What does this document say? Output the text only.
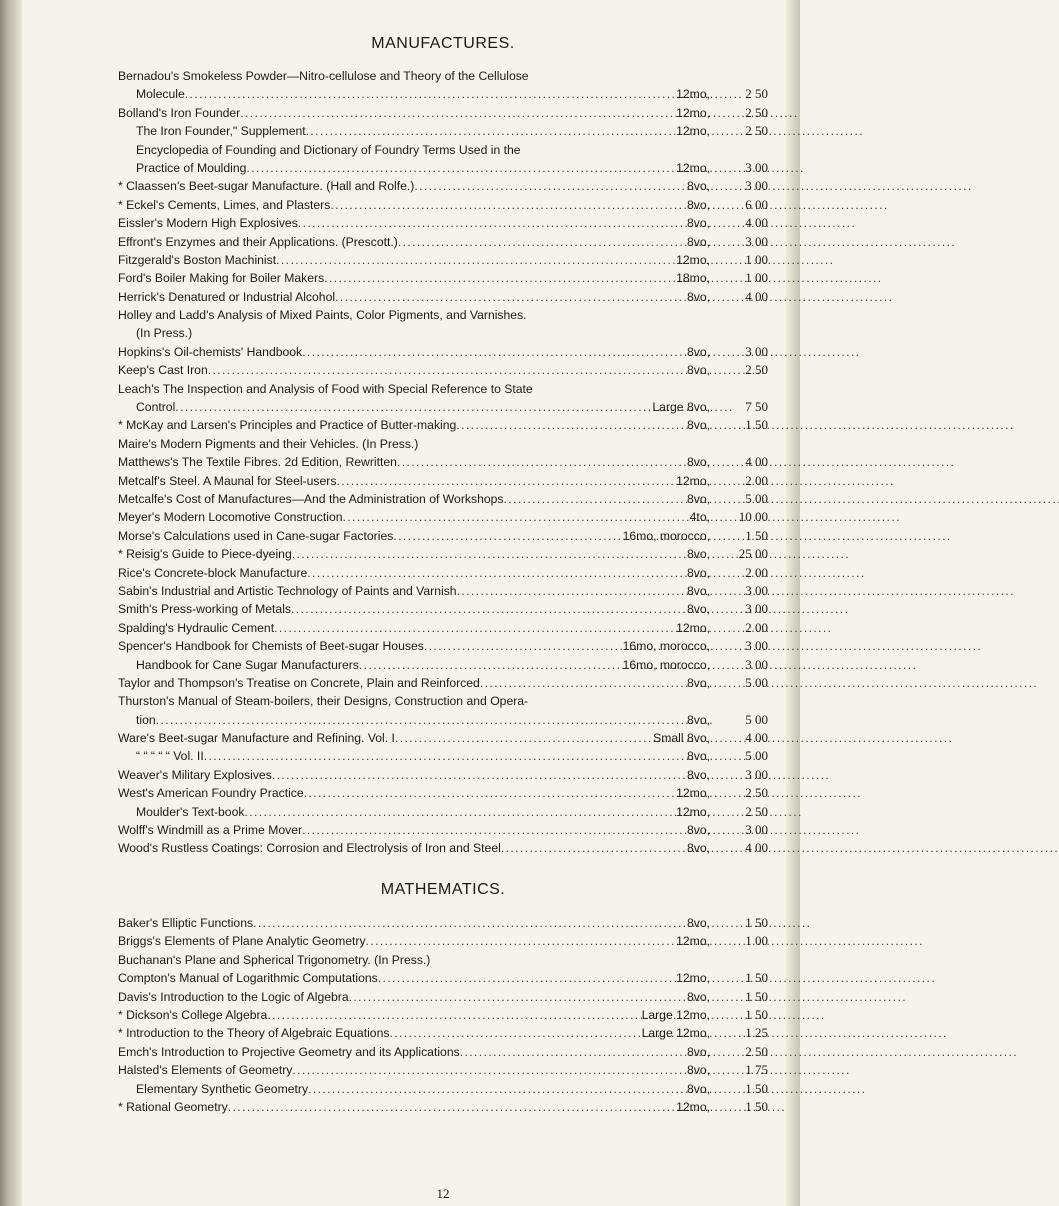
MANUFACTURES.
Bernadou's Smokeless Powder—Nitro-cellulose and Theory of the Cellulose
Molecule . . .	12mo,	2 50
Bolland's Iron Founder . . .	12mo,	2 50
The Iron Founder," Supplement . . .	12mo,	2 50
Encyclopedia of Founding and Dictionary of Foundry Terms Used in the
Practice of Moulding . . .	12mo,	3 00
* Claassen's Beet-sugar Manufacture. (Hall and Rolfe.) . . .	8vo,	3 00
* Eckel's Cements, Limes, and Plasters . . .	8vo,	6 00
Eissler's Modern High Explosives . . .	8vo,	4 00
Effront's Enzymes and their Applications. (Prescott.) . . .	8vo,	3 00
Fitzgerald's Boston Machinist . . .	12mo,	1 00
Ford's Boiler Making for Boiler Makers . . .	18mo,	1 00
Herrick's Denatured or Industrial Alcohol . . .	8vo,	4 00
Holley and Ladd's Analysis of Mixed Paints, Color Pigments, and Varnishes.
(In Press.)
Hopkins's Oil-chemists' Handbook . . .	8vo,	3 00
Keep's Cast Iron . . .	8vo,	2 50
Leach's The Inspection and Analysis of Food with Special Reference to State
Control . . .	Large 8vo,	7 50
* McKay and Larsen's Principles and Practice of Butter-making . . .	8vo,	1 50
Maire's Modern Pigments and their Vehicles. (In Press.)
Matthews's The Textile Fibres. 2d Edition, Rewritten . . .	8vo,	4 00
Metcalf's Steel. A Maunal for Steel-users . . .	12mo,	2 00
Metcalfe's Cost of Manufactures—And the Administration of Workshops . . .	8vo,	5 00
Meyer's Modern Locomotive Construction . . .	4to,	10 00
Morse's Calculations used in Cane-sugar Factories . . .	16mo, morocco,	1 50
* Reisig's Guide to Piece-dyeing . . .	8vo,	25 00
Rice's Concrete-block Manufacture . . .	8vo,	2 00
Sabin's Industrial and Artistic Technology of Paints and Varnish . . .	8vo,	3 00
Smith's Press-working of Metals . . .	8vo,	3 00
Spalding's Hydraulic Cement . . .	12mo,	2 00
Spencer's Handbook for Chemists of Beet-sugar Houses . . .	16mo, morocco,	3 00
Handbook for Cane Sugar Manufacturers . . .	16mo, morocco,	3 00
Taylor and Thompson's Treatise on Concrete, Plain and Reinforced . . .	8vo,	5 00
Thurston's Manual of Steam-boilers, their Designs, Construction and Opera-
tion . . .	8vo,	5 00
Ware's Beet-sugar Manufacture and Refining. Vol. I . . .	Small 8vo,	4 00
“ “ “ “ “ Vol. II . . .	8vo,	5 00
Weaver's Military Explosives . . .	8vo,	3 00
West's American Foundry Practice . . .	12mo,	2 50
Moulder's Text-book . . .	12mo,	2 50
Wolff's Windmill as a Prime Mover . . .	8vo,	3 00
Wood's Rustless Coatings: Corrosion and Electrolysis of Iron and Steel . . .	8vo,	4 00
MATHEMATICS.
Baker's Elliptic Functions . . .	8vo,	1 50
Briggs's Elements of Plane Analytic Geometry . . .	12mo,	1 00
Buchanan's Plane and Spherical Trigonometry. (In Press.)
Compton's Manual of Logarithmic Computations . . .	12mo,	1 50
Davis's Introduction to the Logic of Algebra . . .	8vo,	1 50
* Dickson's College Algebra . . .	Large 12mo,	1 50
* Introduction to the Theory of Algebraic Equations . . .	Large 12mo,	1 25
Emch's Introduction to Projective Geometry and its Applications . . .	8vo,	2 50
Halsted's Elements of Geometry . . .	8vo,	1 75
Elementary Synthetic Geometry . . .	8vo,	1 50
* Rational Geometry . . .	12mo,	1 50
12
